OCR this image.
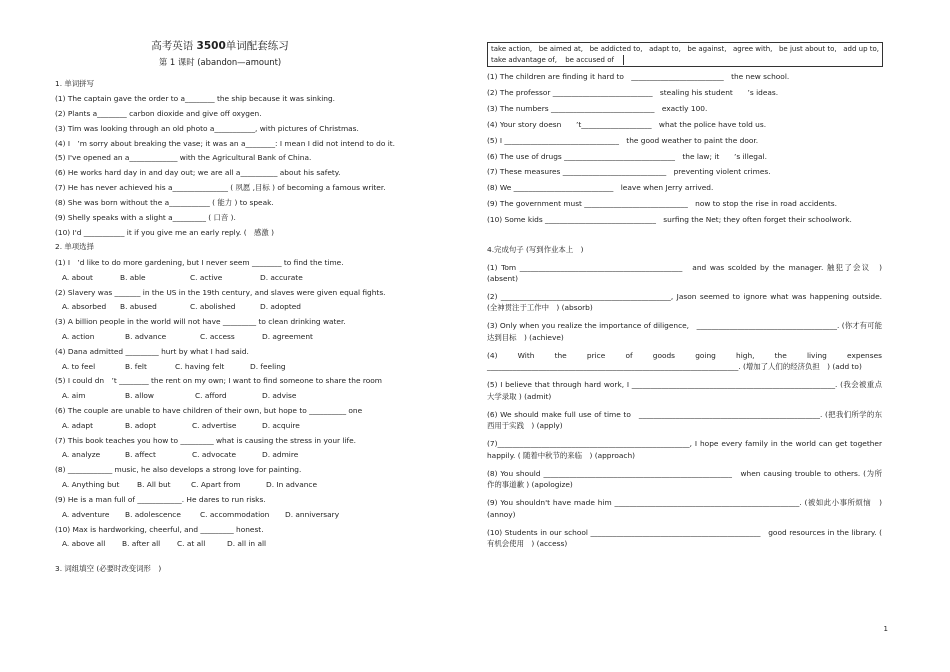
高考英语 3500单词配套练习
第 1 课时 (abandon—amount)
1. 单词拼写
(1) The captain gave the order to a________ the ship because it was sinking.
(2) Plants a________ carbon dioxide and give off oxygen.
(3) Tim was looking through an old photo a___________, with pictures of Christmas.
(4) I　’m sorry about breaking the vase; it was an a________: I mean I did not intend to do it.
(5) I've opened an a_____________ with the Agricultural Bank of China.
(6) He works hard day in and day out; we are all a__________ about his safety.
(7) He has never achieved his a_______________ ( 夙愿 ,目标 ) of becoming a famous writer.
(8) She was born without the a___________ ( 能力 ) to speak.
(9) Shelly speaks with a slight a_________ ( 口音 ).
(10) I'd ___________ it if you give me an early reply. (　感激 )
2. 单项选择
(1) I　’d like to do more gardening, but I never seem ________ to find the time.
A. about	B. able	C. active	D. accurate
(2) Slavery was _______ in the US in the 19th century, and slaves were given equal fights.
A. absorbed	B. abused	C. abolished	D. adopted
(3) A billion people in the world will not have _________ to clean drinking water.
A. action	B. advance	C. access	D. agreement
(4) Dana admitted _________ hurt by what I had said.
A. to feel	B. felt	C. having felt	D. feeling
(5) I could dn　’t ________ the rent on my own; I want to find someone to share the room
A. aim	B. allow	C. afford	D. advise
(6) The couple are unable to have children of their own, but hope to __________ one
A. adapt	B. adopt	C. advertise	D. acquire
(7) This book teaches you how to _________ what is causing the stress in your life.
A. analyze	B. affect	C. advocate	D. admire
(8) ____________ music, he also develops a strong love for painting.
A. Anything but	B. All but	C. Apart from	D. In advance
(9) He is a man full of ____________. He dares to run risks.
A. adventure	B. adolescence	C. accommodation	D. anniversary
(10) Max is hardworking, cheerful, and _________ honest.
A. above all	B. after all	C. at all	D. all in all
3. 词组填空 (必要时改变词形　)
take action, be aimed at, be addicted to, adapt to, be against, agree with, be just about to, add up to,
take advantage of, be accused of
(1) The children are finding it hard to　_________________________　the new school.
(2) The professor ___________________________　stealing his student　　’s ideas.
(3) The numbers ____________________________　exactly 100.
(4) Your story doesn　　’t___________________　what the police have told us.
(5) I _______________________________　the good weather to paint the door.
(6) The use of drugs ______________________________　the law; it　　’s illegal.
(7) These measures ____________________________　preventing violent crimes.
(8) We ___________________________　leave when Jerry arrived.
(9) The government must ____________________________　now to stop the rise in road accidents.
(10) Some kids ______________________________　surfing the Net; they often forget their schoolwork.
4.完成句子 (写到作业本上　)
(1) Tom ____________________________________________　and was scolded by the manager. 触犯了会议　) (absent)
(2) ______________________________________________, Jason seemed to ignore what was happening outside. (全神贯注于工作中　) (absorb)
(3) Only when you realize the importance of diligence,　______________________________________. (你才有可能达到目标　) (achieve)
(4) With the price of goods going high, the living expenses　____________________________________________________________________. (增加了人们的经济负担　) (add to)
(5) I believe that through hard work, I _______________________________________________________. (我会被重点大学录取 ) (admit)
(6) We should make full use of time to　_________________________________________________. (把我们所学的东西用于实践　) (apply)
(7)____________________________________________________, I hope every family in the world can get together happily. ( 随着中秋节的来临　) (approach)
(8) You should ___________________________________________________　when causing trouble to others. (为所作的事道歉 ) (apologize)
(9) You shouldn't have made him __________________________________________________. (被如此小事所烦恼　) (annoy)
(10) Students in our school ______________________________________________　good resources in the library. ( 有机会使用　) (access)
1
